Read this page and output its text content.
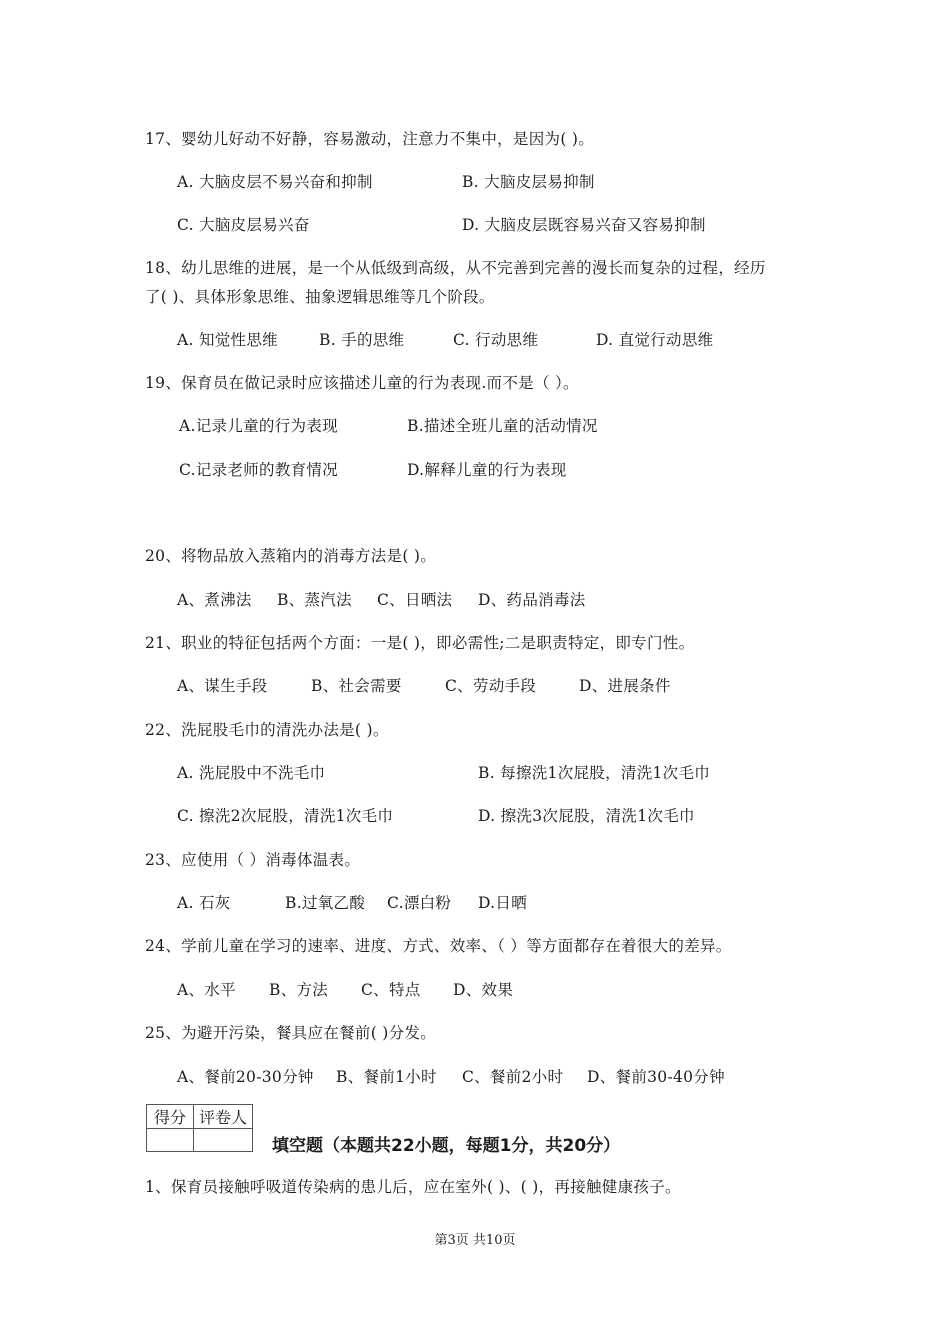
17、婴幼儿好动不好静，容易激动，注意力不集中，是因为( )。
A. 大脑皮层不易兴奋和抑制	B. 大脑皮层易抑制
C. 大脑皮层易兴奋	D. 大脑皮层既容易兴奋又容易抑制
18、幼儿思维的进展，是一个从低级到高级，从不完善到完善的漫长而复杂的过程，经历
了( )、具体形象思维、抽象逻辑思维等几个阶段。
A. 知觉性思维	B. 手的思维	C. 行动思维	D. 直觉行动思维
19、保育员在做记录时应该描述儿童的行为表现.而不是（ ）。
A.记录儿童的行为表现	B.描述全班儿童的活动情况
C.记录老师的教育情况	D.解释儿童的行为表现
20、将物品放入蒸箱内的消毒方法是( )。
A、煮沸法 B、蒸汽法 C、日晒法 D、药品消毒法
21、职业的特征包括两个方面：一是( )，即必需性;二是职责特定，即专门性。
A、谋生手段	B、社会需要	C、劳动手段	D、进展条件
22、洗屁股毛巾的清洗办法是( )。
A. 洗屁股中不洗毛巾	B. 每擦洗1次屁股，清洗1次毛巾
C. 擦洗2次屁股，清洗1次毛巾	D. 擦洗3次屁股，清洗1次毛巾
23、应使用（ ）消毒体温表。
A. 石灰	B.过氧乙酸 C.漂白粉 D.日晒
24、学前儿童在学习的速率、进度、方式、效率、（ ）等方面都存在着很大的差异。
A、水平 B、方法 C、特点 D、效果
25、为避开污染，餐具应在餐前( )分发。
A、餐前20-30分钟 B、餐前1小时 C、餐前2小时 D、餐前30-40分钟
得分	评卷人

填空题（本题共22小题，每题1分，共20分）
1、保育员接触呼吸道传染病的患儿后，应在室外( )、( )，再接触健康孩子。
第3页 共10页
